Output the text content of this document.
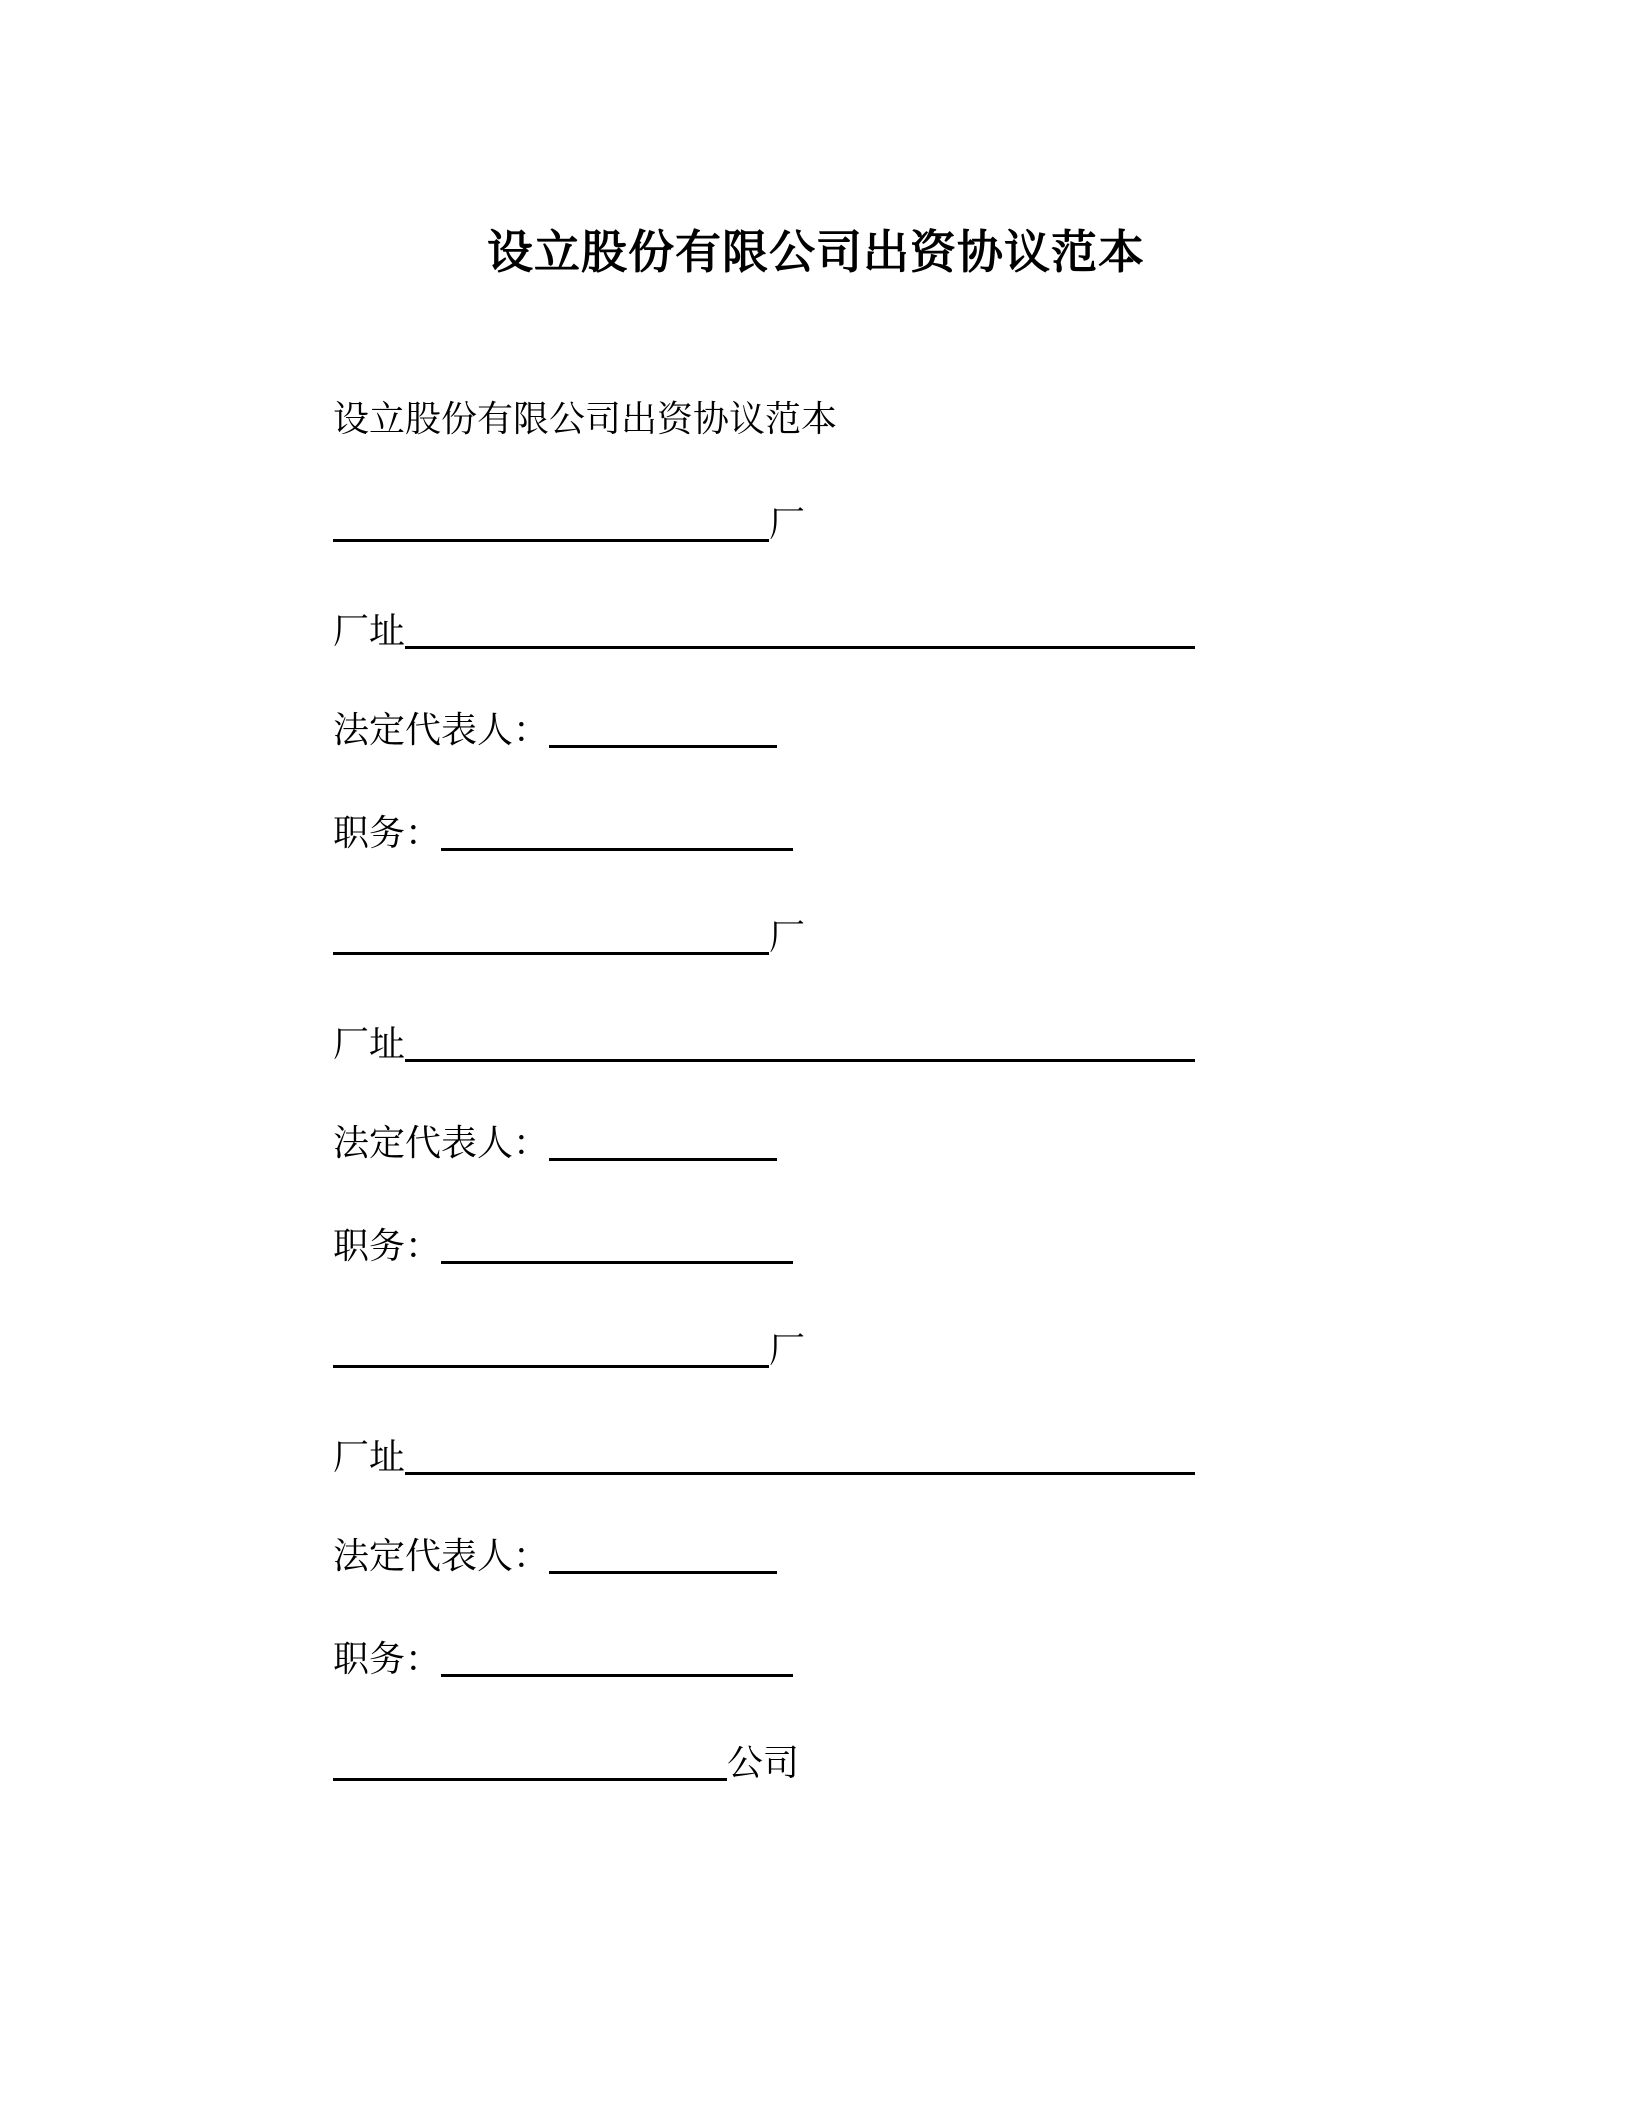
设立股份有限公司出资协议范本
设立股份有限公司出资协议范本
厂
厂址
法定代表人：
职务：
厂
厂址
法定代表人：
职务：
厂
厂址
法定代表人：
职务：
公司
